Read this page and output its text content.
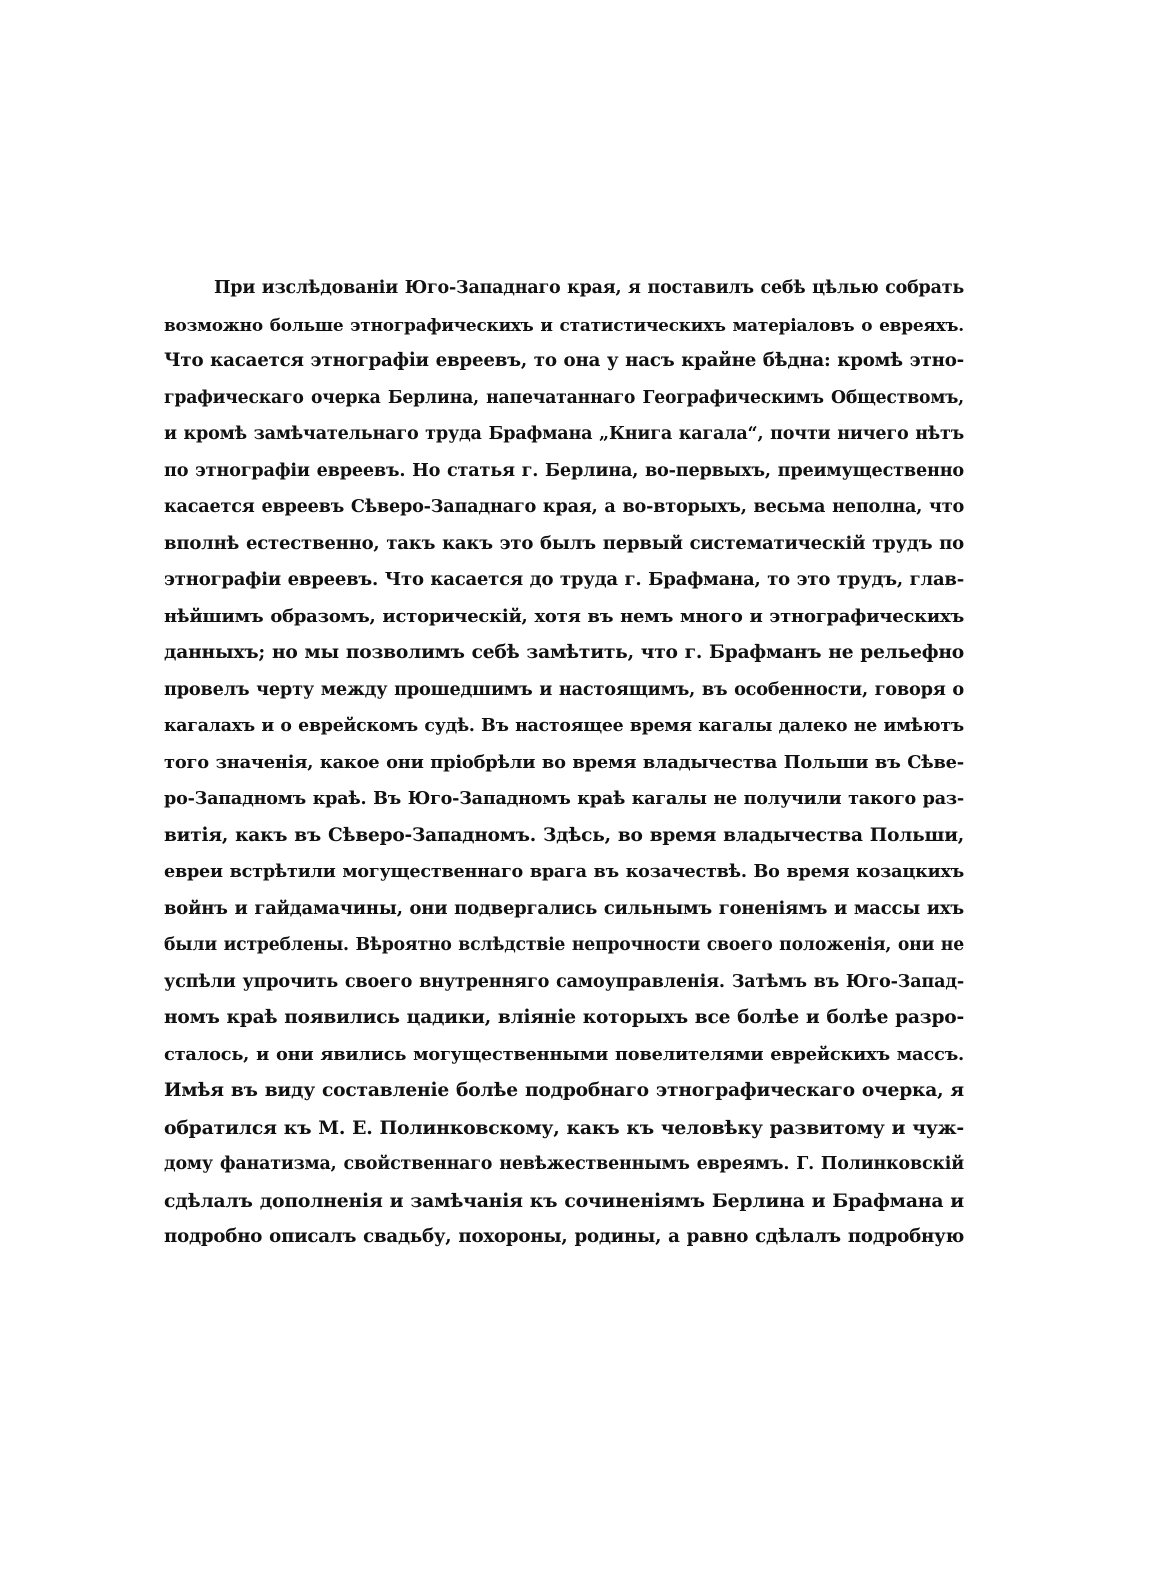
При изслѣдованіи Юго-Западнаго края, я поставилъ себѣ цѣлью собрать
возможно больше этнографическихъ и статистическихъ матеріаловъ о евреяхъ.
Что касается этнографіи евреевъ, то она у насъ крайне бѣдна: кромѣ этно-
графическаго очерка Берлина, напечатаннаго Географическимъ Обществомъ,
и кромѣ замѣчательнаго труда Брафмана „Книга кагала“, почти ничего нѣтъ
по этнографіи евреевъ. Но статья г. Берлина, во-первыхъ, преимущественно
касается евреевъ Сѣверо-Западнаго края, а во-вторыхъ, весьма неполна, что
вполнѣ естественно, такъ какъ это былъ первый систематическій трудъ по
этнографіи евреевъ. Что касается до труда г. Брафмана, то это трудъ, глав-
нѣйшимъ образомъ, историческій, хотя въ немъ много и этнографическихъ
данныхъ; но мы позволимъ себѣ замѣтить, что г. Брафманъ не рельефно
провелъ черту между прошедшимъ и настоящимъ, въ особенности, говоря о
кагалахъ и о еврейскомъ судѣ. Въ настоящее время кагалы далеко не имѣютъ
того значенія, какое они пріобрѣли во время владычества Польши въ Сѣве-
ро-Западномъ краѣ. Въ Юго-Западномъ краѣ кагалы не получили такого раз-
витія, какъ въ Сѣверо-Западномъ. Здѣсь, во время владычества Польши,
евреи встрѣтили могущественнаго врага въ козачествѣ. Во время козацкихъ
войнъ и гайдамачины, они подвергались сильнымъ гоненіямъ и массы ихъ
были истреблены. Вѣроятно вслѣдствіе непрочности своего положенія, они не
успѣли упрочить своего внутренняго самоуправленія. Затѣмъ въ Юго-Запад-
номъ краѣ появились цадики, вліяніе которыхъ все болѣе и болѣе разро-
сталось, и они явились могущественными повелителями еврейскихъ массъ.
Имѣя въ виду составленіе болѣе подробнаго этнографическаго очерка, я
обратился къ М. Е. Полинковскому, какъ къ человѣку развитому и чуж-
дому фанатизма, свойственнаго невѣжественнымъ евреямъ. Г. Полинковскій
сдѣлалъ дополненія и замѣчанія къ сочиненіямъ Берлина и Брафмана и
подробно описалъ свадьбу, похороны, родины, а равно сдѣлалъ подробную
